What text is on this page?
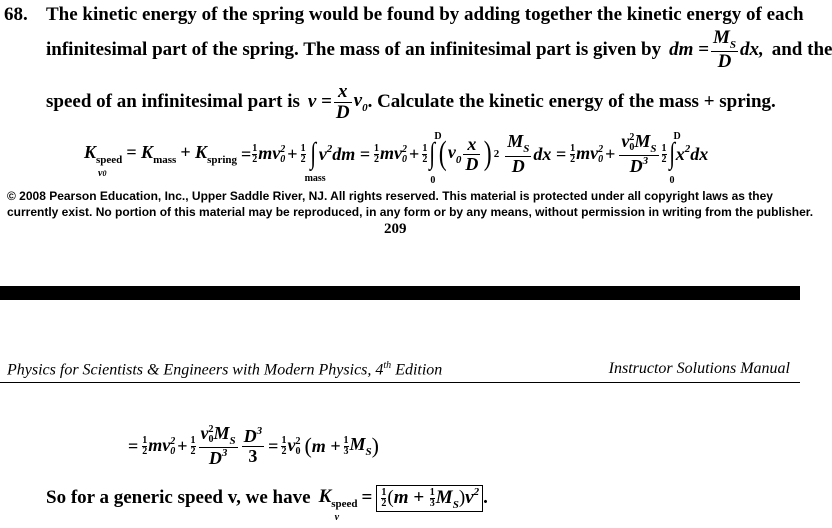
68. The kinetic energy of the spring would be found by adding together the kinetic energy of each
infinitesimal part of the spring. The mass of an infinitesimal part is given by dm = $\frac{M_S}{D}$ dx, and the
speed of an infinitesimal part is $v = \frac{x}{D} v_0$ . Calculate the kinetic energy of the mass + spring.
$K_{speed}$
v0
= $K_{mass} + K_{spring} = \frac{1}{2}$ mv 2
$0 + \frac{1}{2}$ ∫
mass
$v^2dm = \frac{1}{2}$ mv 2
$0 + \frac{1}{2}$
D
∫
0
( $v_0 \frac{x}{D}$ ) $2 \frac{M_S}{D}$ dx = $\frac{1}{2}$ mv 2
0 + v 2
0 $M_S$
$D^3$ 1
2
D
∫
0
$x^2dx$
© 2008 Pearson Education, Inc., Upper Saddle River, NJ. All rights reserved. This material is protected under all copyright laws as they
currently exist. No portion of this material may be reproduced, in any form or by any means, without permission in writing from the publisher.
209
Physics for Scientists & Engineers with Modern Physics, 4th Edition	Instructor Solutions Manual
= $\frac{1}{2}$ mv 2
$0 + \frac{1}{2}$ v 2
0 $M_S$
$D^3 \frac{D^3}{3} = \frac{1}{2}$ v 2
0 ( $m + \frac{1}{3} M_S$ )
So for a generic speed v, we have $K_{speed}$
v
= $\frac{1}{2} (m + \frac{1}{3} M_S)v^2$ .
